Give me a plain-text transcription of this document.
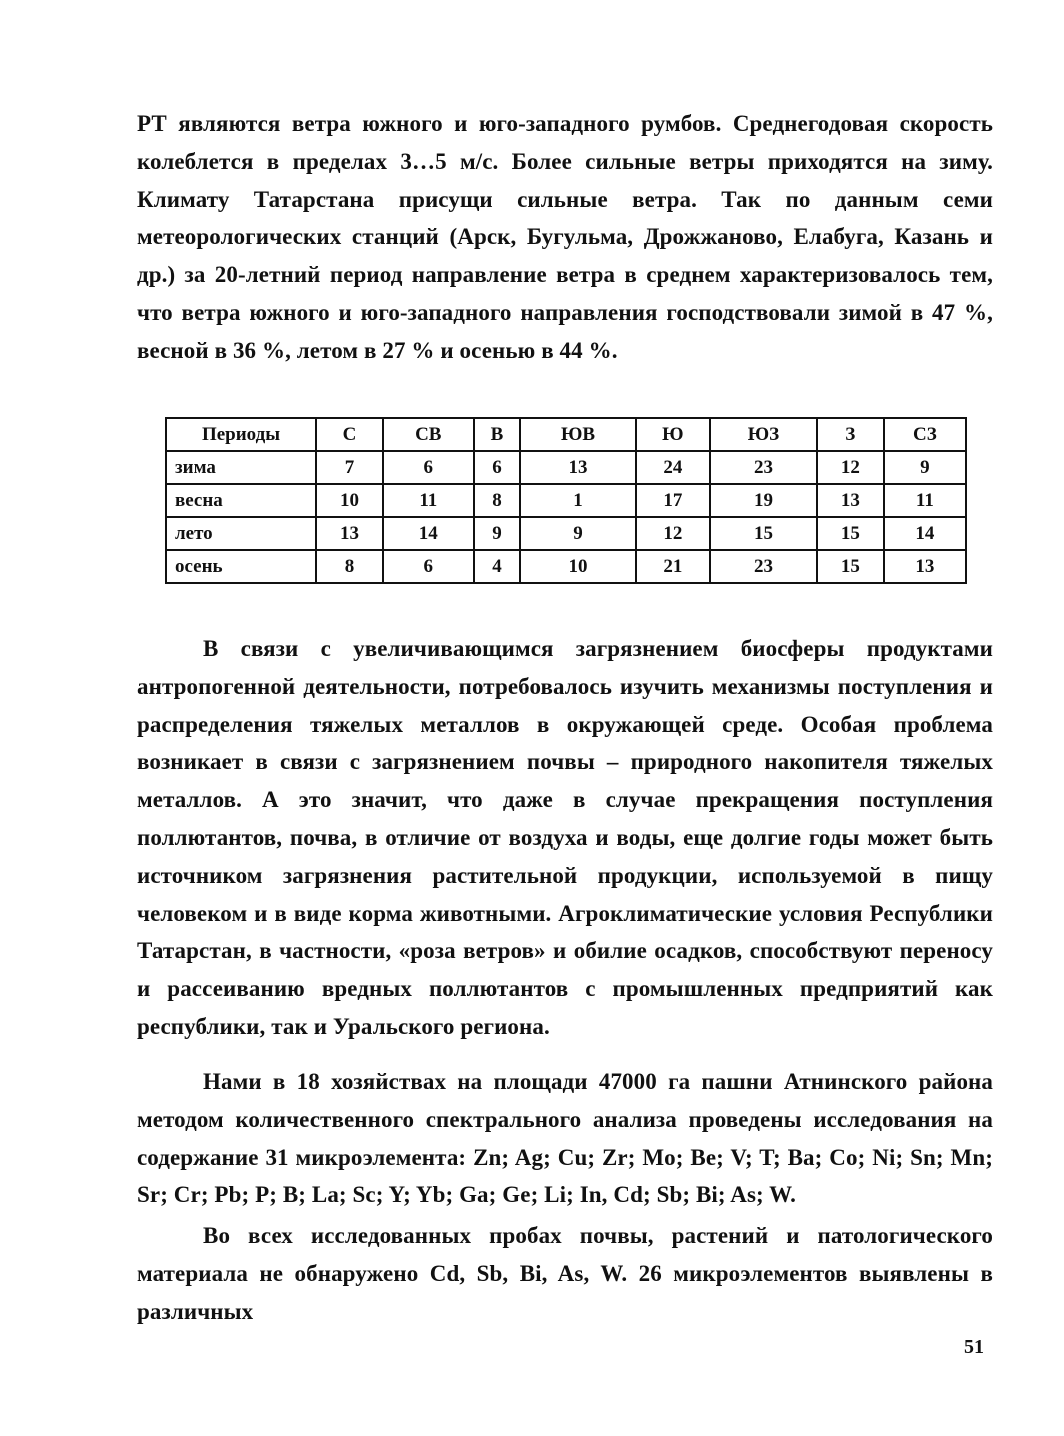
РТ являются ветра южного и юго-западного румбов. Среднегодовая скорость колеблется в пределах 3…5 м/с. Более сильные ветры приходятся на зиму. Климату Татарстана присущи сильные ветра. Так по данным семи метеорологических станций (Арск, Бугульма, Дрожжаново, Елабуга, Казань и др.) за 20-летний период направление ветра в среднем характеризовалось тем, что ветра южного и юго-западного направления господствовали зимой в 47 %, весной в 36 %, летом в 27 % и осенью в 44 %.

Периоды	С	СВ	В	ЮВ	Ю	ЮЗ	З	СЗ
зима	7	6	6	13	24	23	12	9
весна	10	11	8	1	17	19	13	11
лето	13	14	9	9	12	15	15	14
осень	8	6	4	10	21	23	15	13

В связи с увеличивающимся загрязнением биосферы продуктами антропогенной деятельности, потребовалось изучить механизмы поступления и распределения тяжелых металлов в окружающей среде. Особая проблема возникает в связи с загрязнением почвы – природного накопителя тяжелых металлов. А это значит, что даже в случае прекращения поступления поллютантов, почва, в отличие от воздуха и воды, еще долгие годы может быть источником загрязнения растительной продукции, используемой в пищу человеком и в виде корма животными. Агроклиматические условия Республики Татарстан, в частности, «роза ветров» и обилие осадков, способствуют переносу и рассеиванию вредных поллютантов с промышленных предприятий как республики, так и Уральского региона.

Нами в 18 хозяйствах на площади 47000 га пашни Атнинского района методом количественного спектрального анализа проведены исследования на содержание 31 микроэлемента: Zn; Ag; Cu; Zr; Mo; Be; V; T; Ba; Co; Ni; Sn; Mn; Sr; Cr; Pb; P; B; La; Sc; Y; Yb; Ga; Ge; Li; In, Cd; Sb; Bi; As; W.

Во всех исследованных пробах почвы, растений и патологического материала не обнаружено Cd, Sb, Bi, As, W. 26 микроэлементов выявлены в различных

51
